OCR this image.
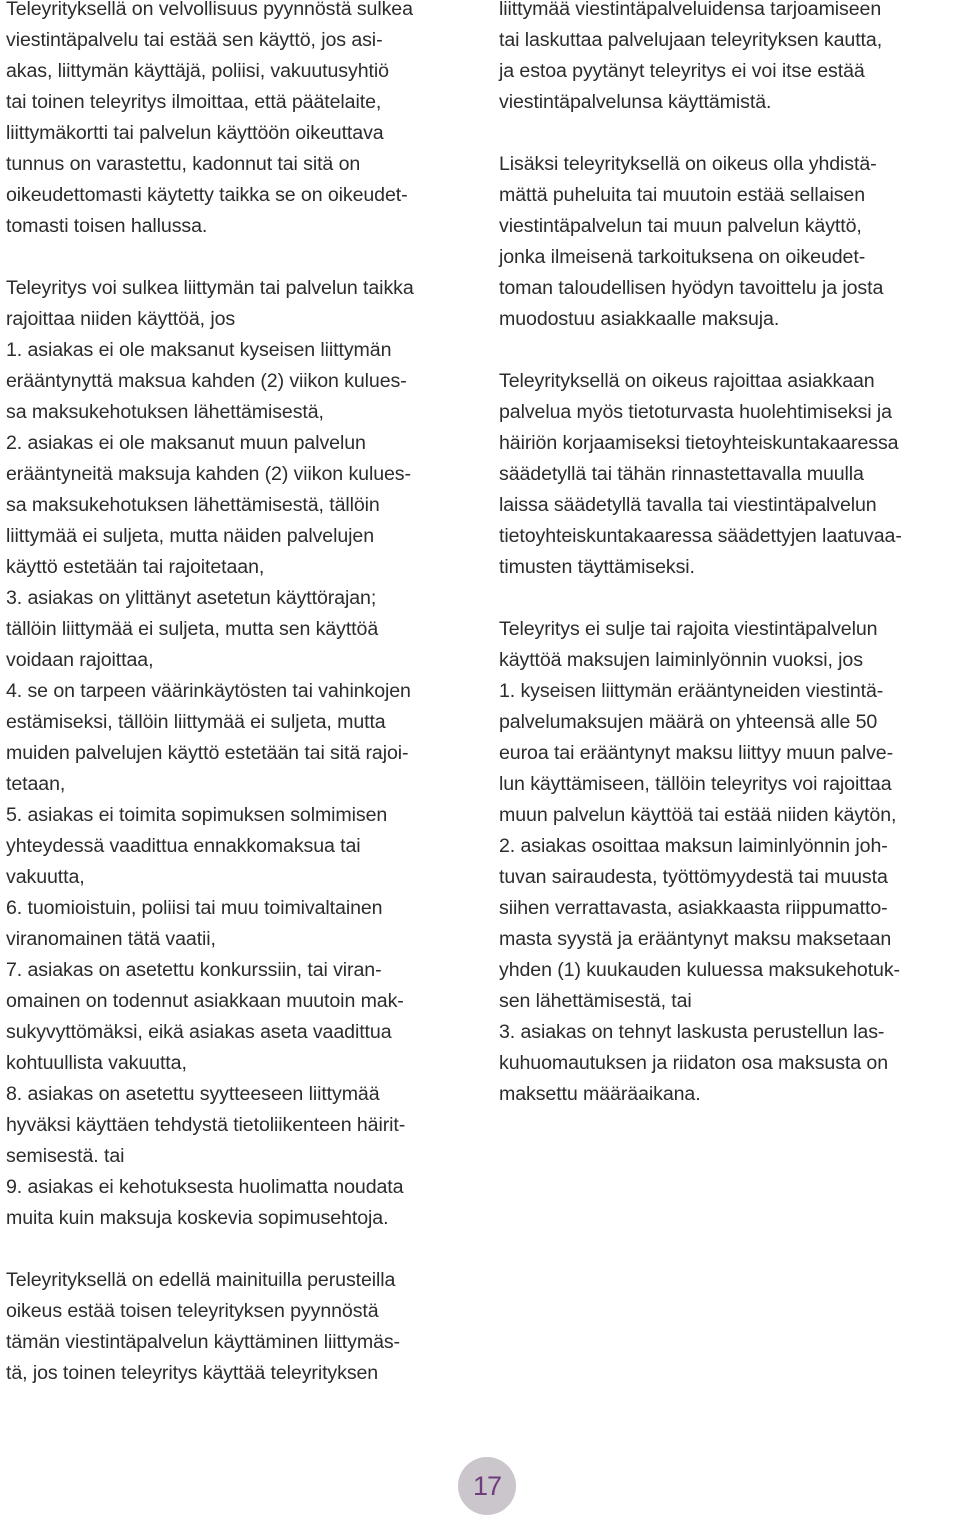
Teleyrityksellä on velvollisuus pyynnöstä sulkea
viestintäpalvelu tai estää sen käyttö, jos asi-
akas, liittymän käyttäjä, poliisi, vakuutusyhtiö
tai toinen teleyritys ilmoittaa, että päätelaite,
liittymäkortti tai palvelun käyttöön oikeuttava
tunnus on varastettu, kadonnut tai sitä on
oikeudettomasti käytetty taikka se on oikeudet-
tomasti toisen hallussa.
Teleyritys voi sulkea liittymän tai palvelun taikka
rajoittaa niiden käyttöä, jos
1. asiakas ei ole maksanut kyseisen liittymän
erääntynyttä maksua kahden (2) viikon kulues-
sa maksukehotuksen lähettämisestä,
2. asiakas ei ole maksanut muun palvelun
erääntyneitä maksuja kahden (2) viikon kulues-
sa maksukehotuksen lähettämisestä, tällöin
liittymää ei suljeta, mutta näiden palvelujen
käyttö estetään tai rajoitetaan,
3. asiakas on ylittänyt asetetun käyttörajan;
tällöin liittymää ei suljeta, mutta sen käyttöä
voidaan rajoittaa,
4. se on tarpeen väärinkäytösten tai vahinkojen
estämiseksi, tällöin liittymää ei suljeta, mutta
muiden palvelujen käyttö estetään tai sitä rajoi-
tetaan,
5. asiakas ei toimita sopimuksen solmimisen
yhteydessä vaadittua ennakkomaksua tai
vakuutta,
6. tuomioistuin, poliisi tai muu toimivaltainen
viranomainen tätä vaatii,
7. asiakas on asetettu konkurssiin, tai viran-
omainen on todennut asiakkaan muutoin mak-
sukyvyttömäksi, eikä asiakas aseta vaadittua
kohtuullista vakuutta,
8. asiakas on asetettu syytteeseen liittymää
hyväksi käyttäen tehdystä tietoliikenteen häirit-
semisestä. tai
9. asiakas ei kehotuksesta huolimatta noudata
muita kuin maksuja koskevia sopimusehtoja.
Teleyrityksellä on edellä mainituilla perusteilla
oikeus estää toisen teleyrityksen pyynnöstä
tämän viestintäpalvelun käyttäminen liittymäs-
tä, jos toinen teleyritys käyttää teleyrityksen
liittymää viestintäpalveluidensa tarjoamiseen
tai laskuttaa palvelujaan teleyrityksen kautta,
ja estoa pyytänyt teleyritys ei voi itse estää
viestintäpalvelunsa käyttämistä.
Lisäksi teleyrityksellä on oikeus olla yhdistä-
mättä puheluita tai muutoin estää sellaisen
viestintäpalvelun tai muun palvelun käyttö,
jonka ilmeisenä tarkoituksena on oikeudet-
toman taloudellisen hyödyn tavoittelu ja josta
muodostuu asiakkaalle maksuja.
Teleyrityksellä on oikeus rajoittaa asiakkaan
palvelua myös tietoturvasta huolehtimiseksi ja
häiriön korjaamiseksi tietoyhteiskuntakaaressa
säädetyllä tai tähän rinnastettavalla muulla
laissa säädetyllä tavalla tai viestintäpalvelun
tietoyhteiskuntakaaressa säädettyjen laatuvaa-
timusten täyttämiseksi.
Teleyritys ei sulje tai rajoita viestintäpalvelun
käyttöä maksujen laiminlyönnin vuoksi, jos
1. kyseisen liittymän erääntyneiden viestintä-
palvelumaksujen määrä on yhteensä alle 50
euroa tai erääntynyt maksu liittyy muun palve-
lun käyttämiseen, tällöin teleyritys voi rajoittaa
muun palvelun käyttöä tai estää niiden käytön,
2. asiakas osoittaa maksun laiminlyönnin joh-
tuvan sairaudesta, työttömyydestä tai muusta
siihen verrattavasta, asiakkaasta riippumatto-
masta syystä ja erääntynyt maksu maksetaan
yhden (1) kuukauden kuluessa maksukehotuk-
sen lähettämisestä, tai
3. asiakas on tehnyt laskusta perustellun las-
kuhuomautuksen ja riidaton osa maksusta on
maksettu määräaikana.
17
